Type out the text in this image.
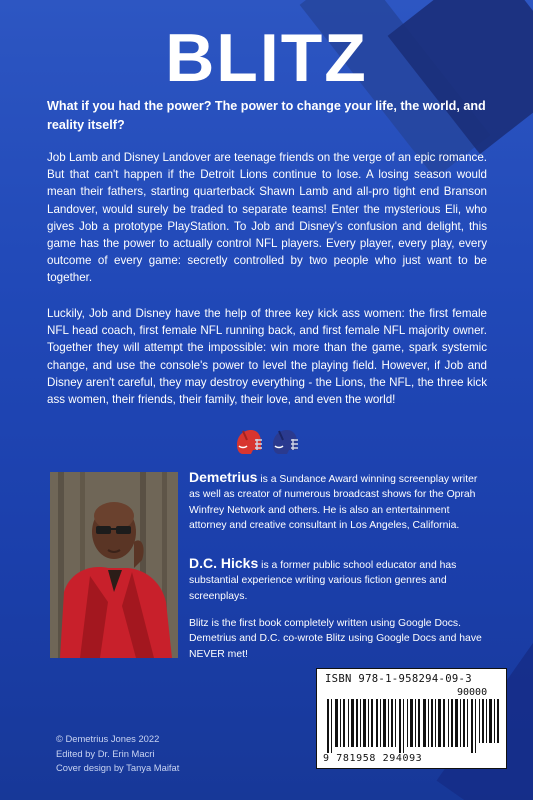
BLITZ

What if you had the power? The power to change your life, the world, and reality itself?

Job Lamb and Disney Landover are teenage friends on the verge of an epic romance. But that can't happen if the Detroit Lions continue to lose. A losing season would mean their fathers, starting quarterback Shawn Lamb and all-pro tight end Branson Landover, would surely be traded to separate teams! Enter the mysterious Eli, who gives Job a prototype PlayStation. To Job and Disney's confusion and delight, this game has the power to actually control NFL players. Every player, every play, every outcome of every game: secretly controlled by two people who just want to be together.

Luckily, Job and Disney have the help of three key kick ass women: the first female NFL head coach, first female NFL running back, and first female NFL majority owner. Together they will attempt the impossible: win more than the game, spark systemic change, and use the console's power to level the playing field. However, if Job and Disney aren't careful, they may destroy everything - the Lions, the NFL, the three kick ass women, their friends, their family, their love, and even the world!

Demetrius is a Sundance Award winning screenplay writer as well as creator of numerous broadcast shows for the Oprah Winfrey Network and others. He is also an entertainment attorney and creative consultant in Los Angeles, California.
D.C. Hicks is a former public school educator and has substantial experience writing various fiction genres and screenplays.

Blitz is the first book completely written using Google Docs. Demetrius and D.C. co-wrote Blitz using Google Docs and have NEVER met!

© Demetrius Jones 2022
Edited by Dr. Erin Macri
Cover design by Tanya Maifat
ISBN 978-1-958294-09-3
90000
9 781958 294093
